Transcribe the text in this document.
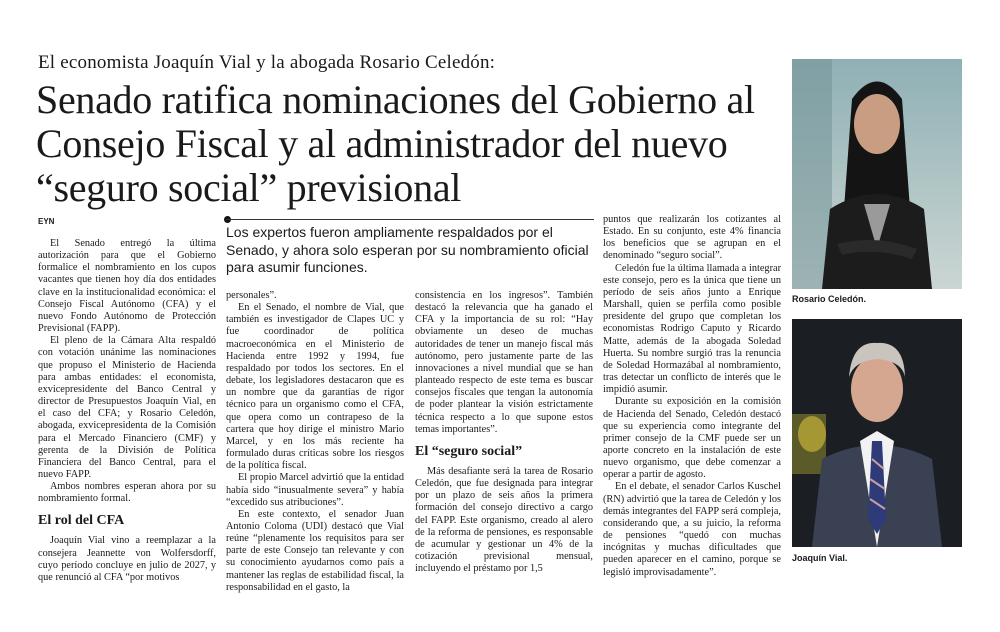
El economista Joaquín Vial y la abogada Rosario Celedón:
Senado ratifica nominaciones del Gobierno al Consejo Fiscal y al administrador del nuevo “seguro social” previsional
EYN
Los expertos fueron ampliamente respaldados por el Senado, y ahora solo esperan por su nombramiento oficial para asumir funciones.

El Senado entregó la última autorización para que el Gobierno formalice el nombramiento en los cupos vacantes que tienen hoy día dos entidades clave en la institucionalidad económica: el Consejo Fiscal Autónomo (CFA) y el nuevo Fondo Autónomo de Protección Previsional (FAPP).

El pleno de la Cámara Alta respaldó con votación unánime las nominaciones que propuso el Ministerio de Hacienda para ambas entidades: el economista, exvicepresidente del Banco Central y director de Presupuestos Joaquín Vial, en el caso del CFA; y Rosario Celedón, abogada, exvicepresidenta de la Comisión para el Mercado Financiero (CMF) y gerenta de la División de Política Financiera del Banco Central, para el nuevo FAPP.

Ambos nombres esperan ahora por su nombramiento formal.

El rol del CFA

Joaquín Vial vino a reemplazar a la consejera Jeannette von Wolfersdorff, cuyo período concluye en julio de 2027, y que renunció al CFA “por motivos

personales”.

En el Senado, el nombre de Vial, que también es investigador de Clapes UC y fue coordinador de política macroeconómica en el Ministerio de Hacienda entre 1992 y 1994, fue respaldado por todos los sectores. En el debate, los legisladores destacaron que es un nombre que da garantías de rigor técnico para un organismo como el CFA, que opera como un contrapeso de la cartera que hoy dirige el ministro Mario Marcel, y en los más reciente ha formulado duras críticas sobre los riesgos de la política fiscal.

El propio Marcel advirtió que la entidad había sido “inusualmente severa” y había “excedido sus atribuciones”.

En este contexto, el senador Juan Antonio Coloma (UDI) destacó que Vial reúne “plenamente los requisitos para ser parte de este Consejo tan relevante y con su conocimiento ayudarnos como país a mantener las reglas de estabilidad fiscal, la responsabilidad en el gasto, la

consistencia en los ingresos”. También destacó la relevancia que ha ganado el CFA y la importancia de su rol: “Hay obviamente un deseo de muchas autoridades de tener un manejo fiscal más autónomo, pero justamente parte de las innovaciones a nivel mundial que se han planteado respecto de este tema es buscar consejos fiscales que tengan la autonomía de poder plantear la visión estrictamente técnica respecto a lo que supone estos temas importantes”.

El “seguro social”

Más desafiante será la tarea de Rosario Celedón, que fue designada para integrar por un plazo de seis años la primera formación del consejo directivo a cargo del FAPP. Este organismo, creado al alero de la reforma de pensiones, es responsable de acumular y gestionar un 4% de la cotización previsional mensual, incluyendo el préstamo por 1,5

puntos que realizarán los cotizantes al Estado. En su conjunto, este 4% financia los beneficios que se agrupan en el denominado “seguro social”.

Celedón fue la última llamada a integrar este consejo, pero es la única que tiene un período de seis años junto a Enrique Marshall, quien se perfila como posible presidente del grupo que completan los economistas Rodrigo Caputo y Ricardo Matte, además de la abogada Soledad Huerta. Su nombre surgió tras la renuncia de Soledad Hormazábal al nombramiento, tras detectar un conflicto de interés que le impidió asumir.

Durante su exposición en la comisión de Hacienda del Senado, Celedón destacó que su experiencia como integrante del primer consejo de la CMF puede ser un aporte concreto en la instalación de este nuevo organismo, que debe comenzar a operar a partir de agosto.

En el debate, el senador Carlos Kuschel (RN) advirtió que la tarea de Celedón y los demás integrantes del FAPP será compleja, considerando que, a su juicio, la reforma de pensiones “quedó con muchas incógnitas y muchas dificultades que pueden aparecer en el camino, porque se legisló improvisadamente”.

Rosario Celedón.
Joaquín Vial.
